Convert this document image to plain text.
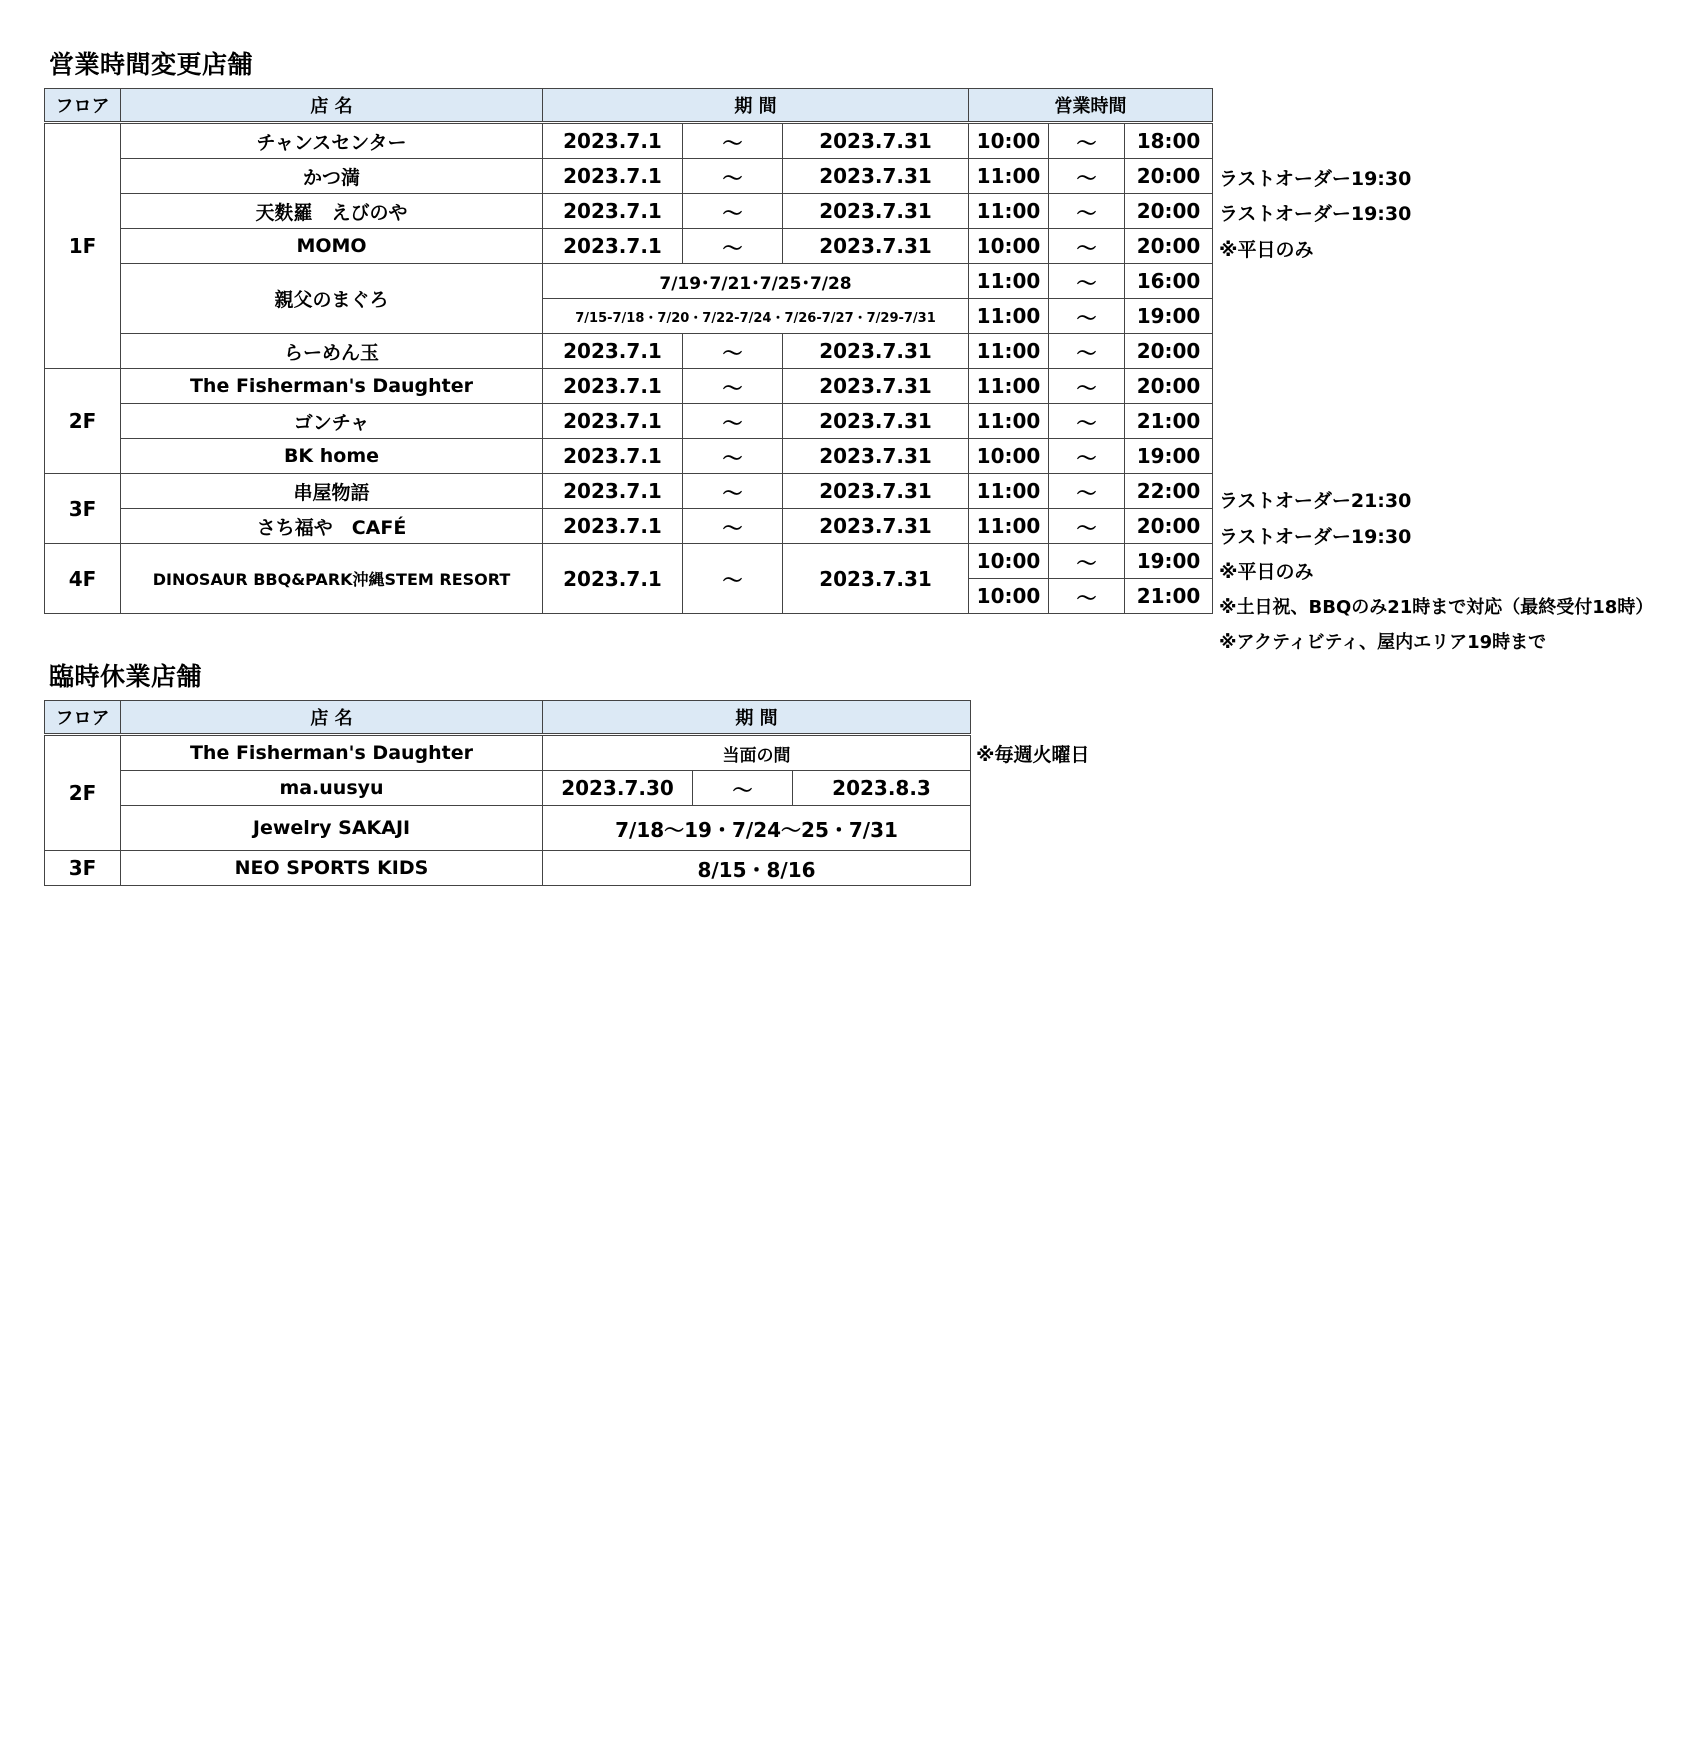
営業時間変更店舗
フロア	店 名	期 間			営業時間		
1F	チャンスセンター	2023.7.1	～	2023.7.31	10:00	～	18:00
	かつ満	2023.7.1	～	2023.7.31	11:00	～	20:00
	天麩羅　えびのや	2023.7.1	～	2023.7.31	11:00	～	20:00
	MOMO	2023.7.1	～	2023.7.31	10:00	～	20:00
	親父のまぐろ	7/19･7/21･7/25･7/28			11:00	～	16:00
		7/15-7/18・7/20・7/22-7/24・7/26-7/27・7/29-7/31			11:00	～	19:00
	らーめん玉	2023.7.1	～	2023.7.31	11:00	～	20:00
2F	The Fisherman's Daughter	2023.7.1	～	2023.7.31	11:00	～	20:00
	ゴンチャ	2023.7.1	～	2023.7.31	11:00	～	21:00
	BK home	2023.7.1	～	2023.7.31	10:00	～	19:00
3F	串屋物語	2023.7.1	～	2023.7.31	11:00	～	22:00
	さち福や　CAFÉ	2023.7.1	～	2023.7.31	11:00	～	20:00
4F	DINOSAUR BBQ&PARK沖縄STEM RESORT	2023.7.1	～	2023.7.31	10:00	～	19:00
					10:00	～	21:00
ラストオーダー19:30
ラストオーダー19:30
※平日のみ
ラストオーダー21:30
ラストオーダー19:30
※平日のみ
※土日祝、BBQのみ21時まで対応（最終受付18時）
※アクティビティ、屋内エリア19時まで
臨時休業店舗
フロア	店 名	期 間		
2F	The Fisherman's Daughter	当面の間		
	ma.uusyu	2023.7.30	～	2023.8.3
	Jewelry SAKAJI	7/18～19・7/24～25・7/31		
3F	NEO SPORTS KIDS	8/15・8/16		
※毎週火曜日
